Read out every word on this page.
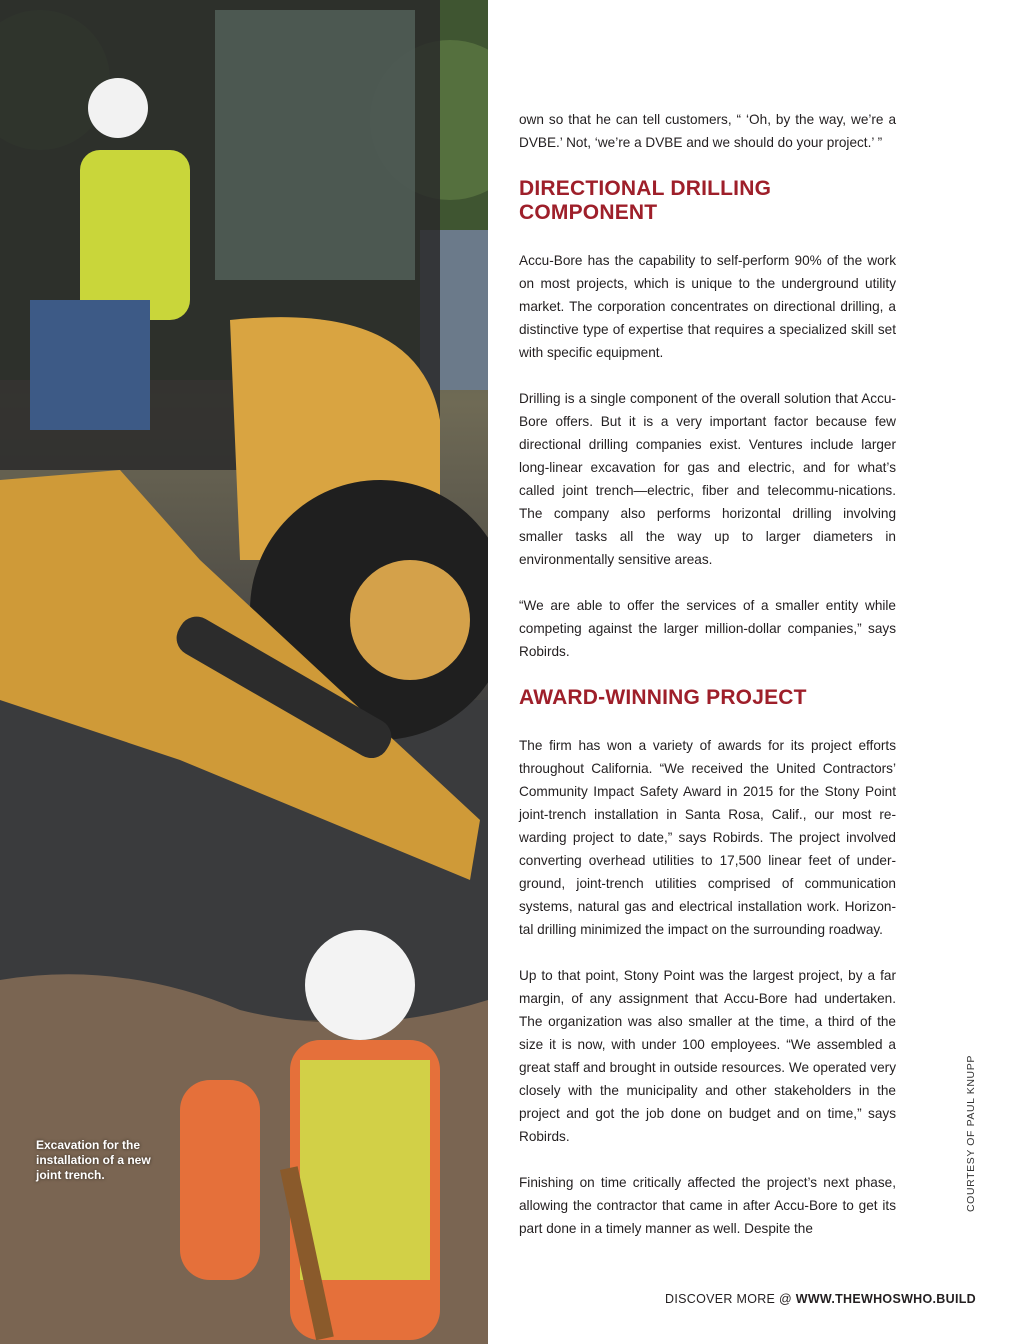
Excavation for the installation of a new joint trench.

own so that he can tell customers, “ ‘Oh, by the way, we’re a DVBE.’ Not, ‘we’re a DVBE and we should do your project.’ ”

DIRECTIONAL DRILLING COMPONENT

Accu-Bore has the capability to self-perform 90% of the work on most projects, which is unique to the underground utility market. The corporation concentrates on directional drilling, a distinctive type of expertise that requires a specialized skill set with specific equipment.

Drilling is a single component of the overall solution that Accu-Bore offers. But it is a very important factor because few directional drilling companies exist. Ventures include larger long-linear excavation for gas and electric, and for what’s called joint trench—electric, fiber and telecommu-nications. The company also performs horizontal drilling involving smaller tasks all the way up to larger diameters in environmentally sensitive areas.

“We are able to offer the services of a smaller entity while competing against the larger million-dollar companies,” says Robirds.

AWARD-WINNING PROJECT

The firm has won a variety of awards for its project efforts throughout California. “We received the United Contractors’ Community Impact Safety Award in 2015 for the Stony Point joint-trench installation in Santa Rosa, Calif., our most re-warding project to date,” says Robirds. The project involved converting overhead utilities to 17,500 linear feet of under-ground, joint-trench utilities comprised of communication systems, natural gas and electrical installation work. Horizon-tal drilling minimized the impact on the surrounding roadway.

Up to that point, Stony Point was the largest project, by a far margin, of any assignment that Accu-Bore had undertaken. The organization was also smaller at the time, a third of the size it is now, with under 100 employees. “We assembled a great staff and brought in outside resources. We operated very closely with the municipality and other stakeholders in the project and got the job done on budget and on time,” says Robirds.

Finishing on time critically affected the project’s next phase, allowing the contractor that came in after Accu-Bore to get its part done in a timely manner as well. Despite the

COURTESY OF PAUL KNUPP
DISCOVER MORE @ WWW.THEWHOSWHO.BUILD
